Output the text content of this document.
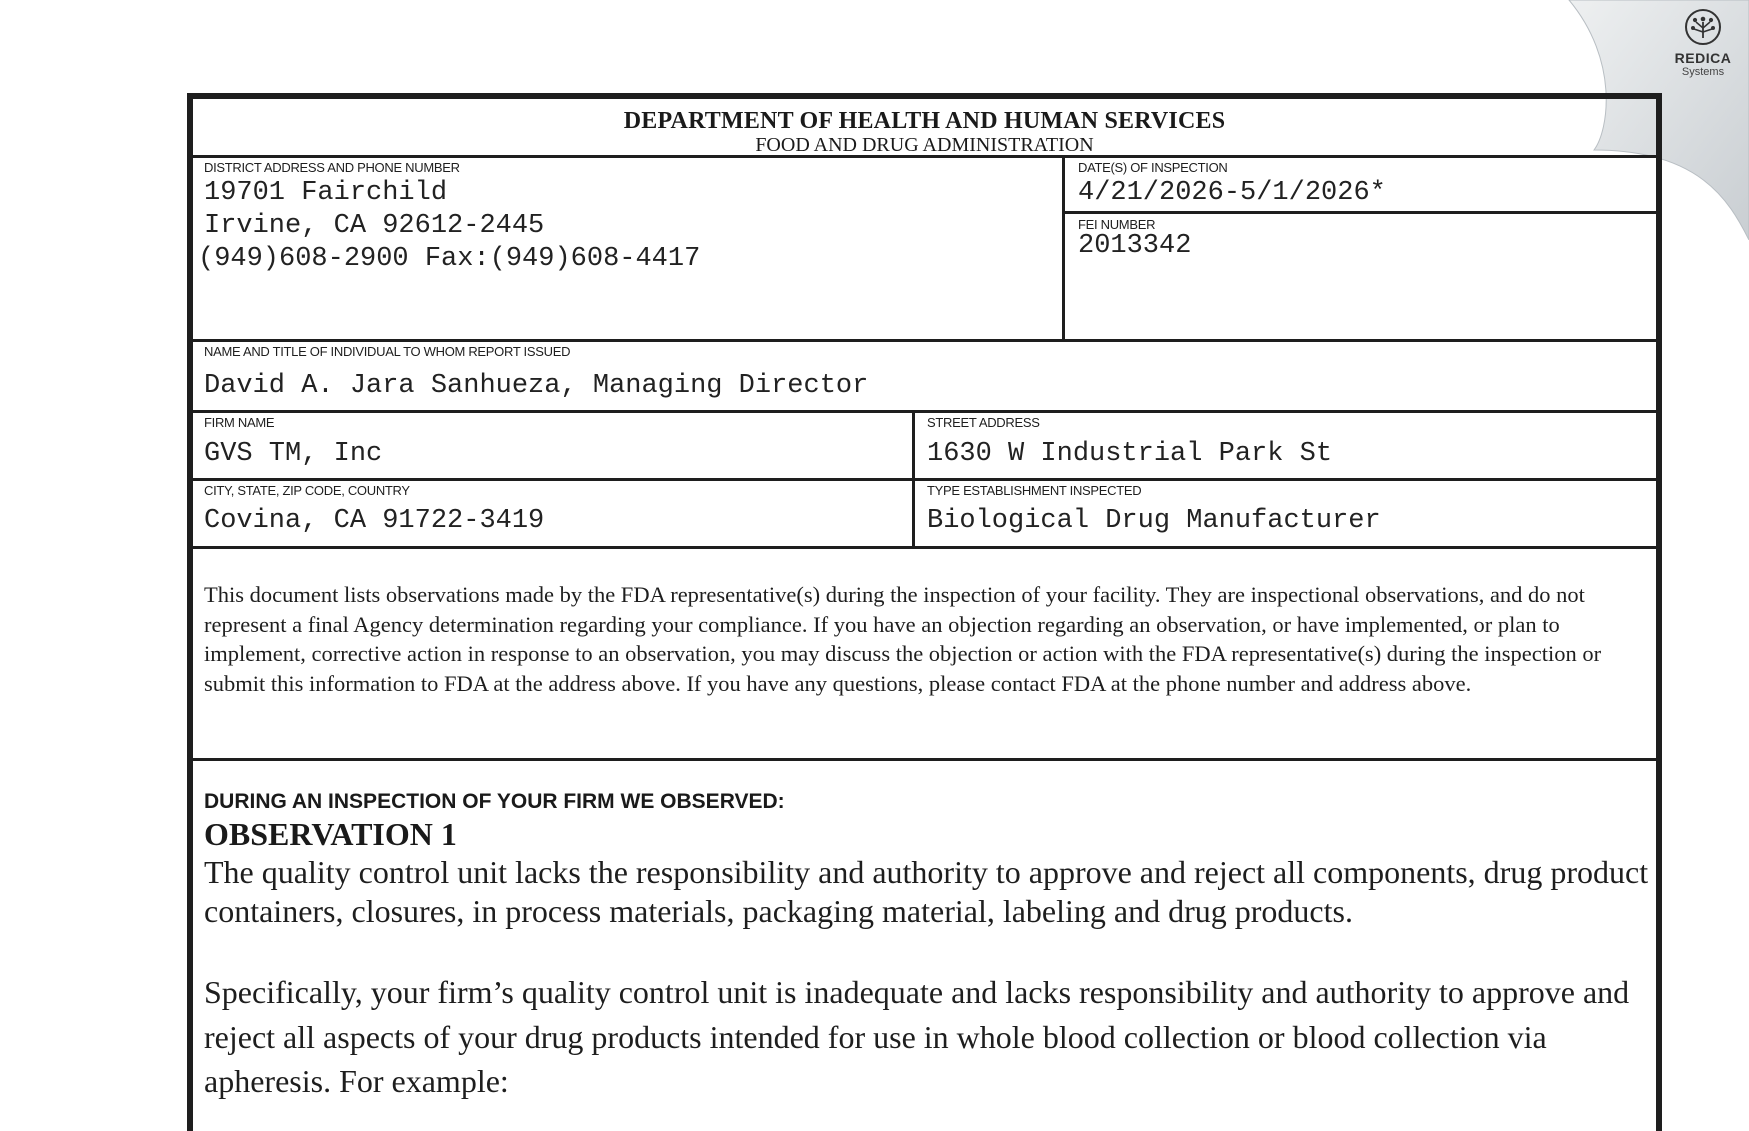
REDICA
Systems
DEPARTMENT OF HEALTH AND HUMAN SERVICES
FOOD AND DRUG ADMINISTRATION
DISTRICT ADDRESS AND PHONE NUMBER
19701 Fairchild
Irvine, CA 92612-2445
(949)608-2900 Fax:(949)608-4417
DATE(S) OF INSPECTION
4/21/2026-5/1/2026*
FEI NUMBER
2013342
NAME AND TITLE OF INDIVIDUAL TO WHOM REPORT ISSUED
David A. Jara Sanhueza, Managing Director
FIRM NAME
GVS TM, Inc
STREET ADDRESS
1630 W Industrial Park St
CITY, STATE, ZIP CODE, COUNTRY
Covina, CA 91722-3419
TYPE ESTABLISHMENT INSPECTED
Biological Drug Manufacturer
This document lists observations made by the FDA representative(s) during the inspection of your facility. They are inspectional observations, and do not represent a final Agency determination regarding your compliance. If you have an objection regarding an observation, or have implemented, or plan to implement, corrective action in response to an observation, you may discuss the objection or action with the FDA representative(s) during the inspection or submit this information to FDA at the address above. If you have any questions, please contact FDA at the phone number and address above.
DURING AN INSPECTION OF YOUR FIRM WE OBSERVED:
OBSERVATION 1
The quality control unit lacks the responsibility and authority to approve and reject all components, drug product containers, closures, in process materials, packaging material, labeling and drug products.
Specifically, your firm’s quality control unit is inadequate and lacks responsibility and authority to approve and reject all aspects of your drug products intended for use in whole blood collection or blood collection via apheresis. For example:
